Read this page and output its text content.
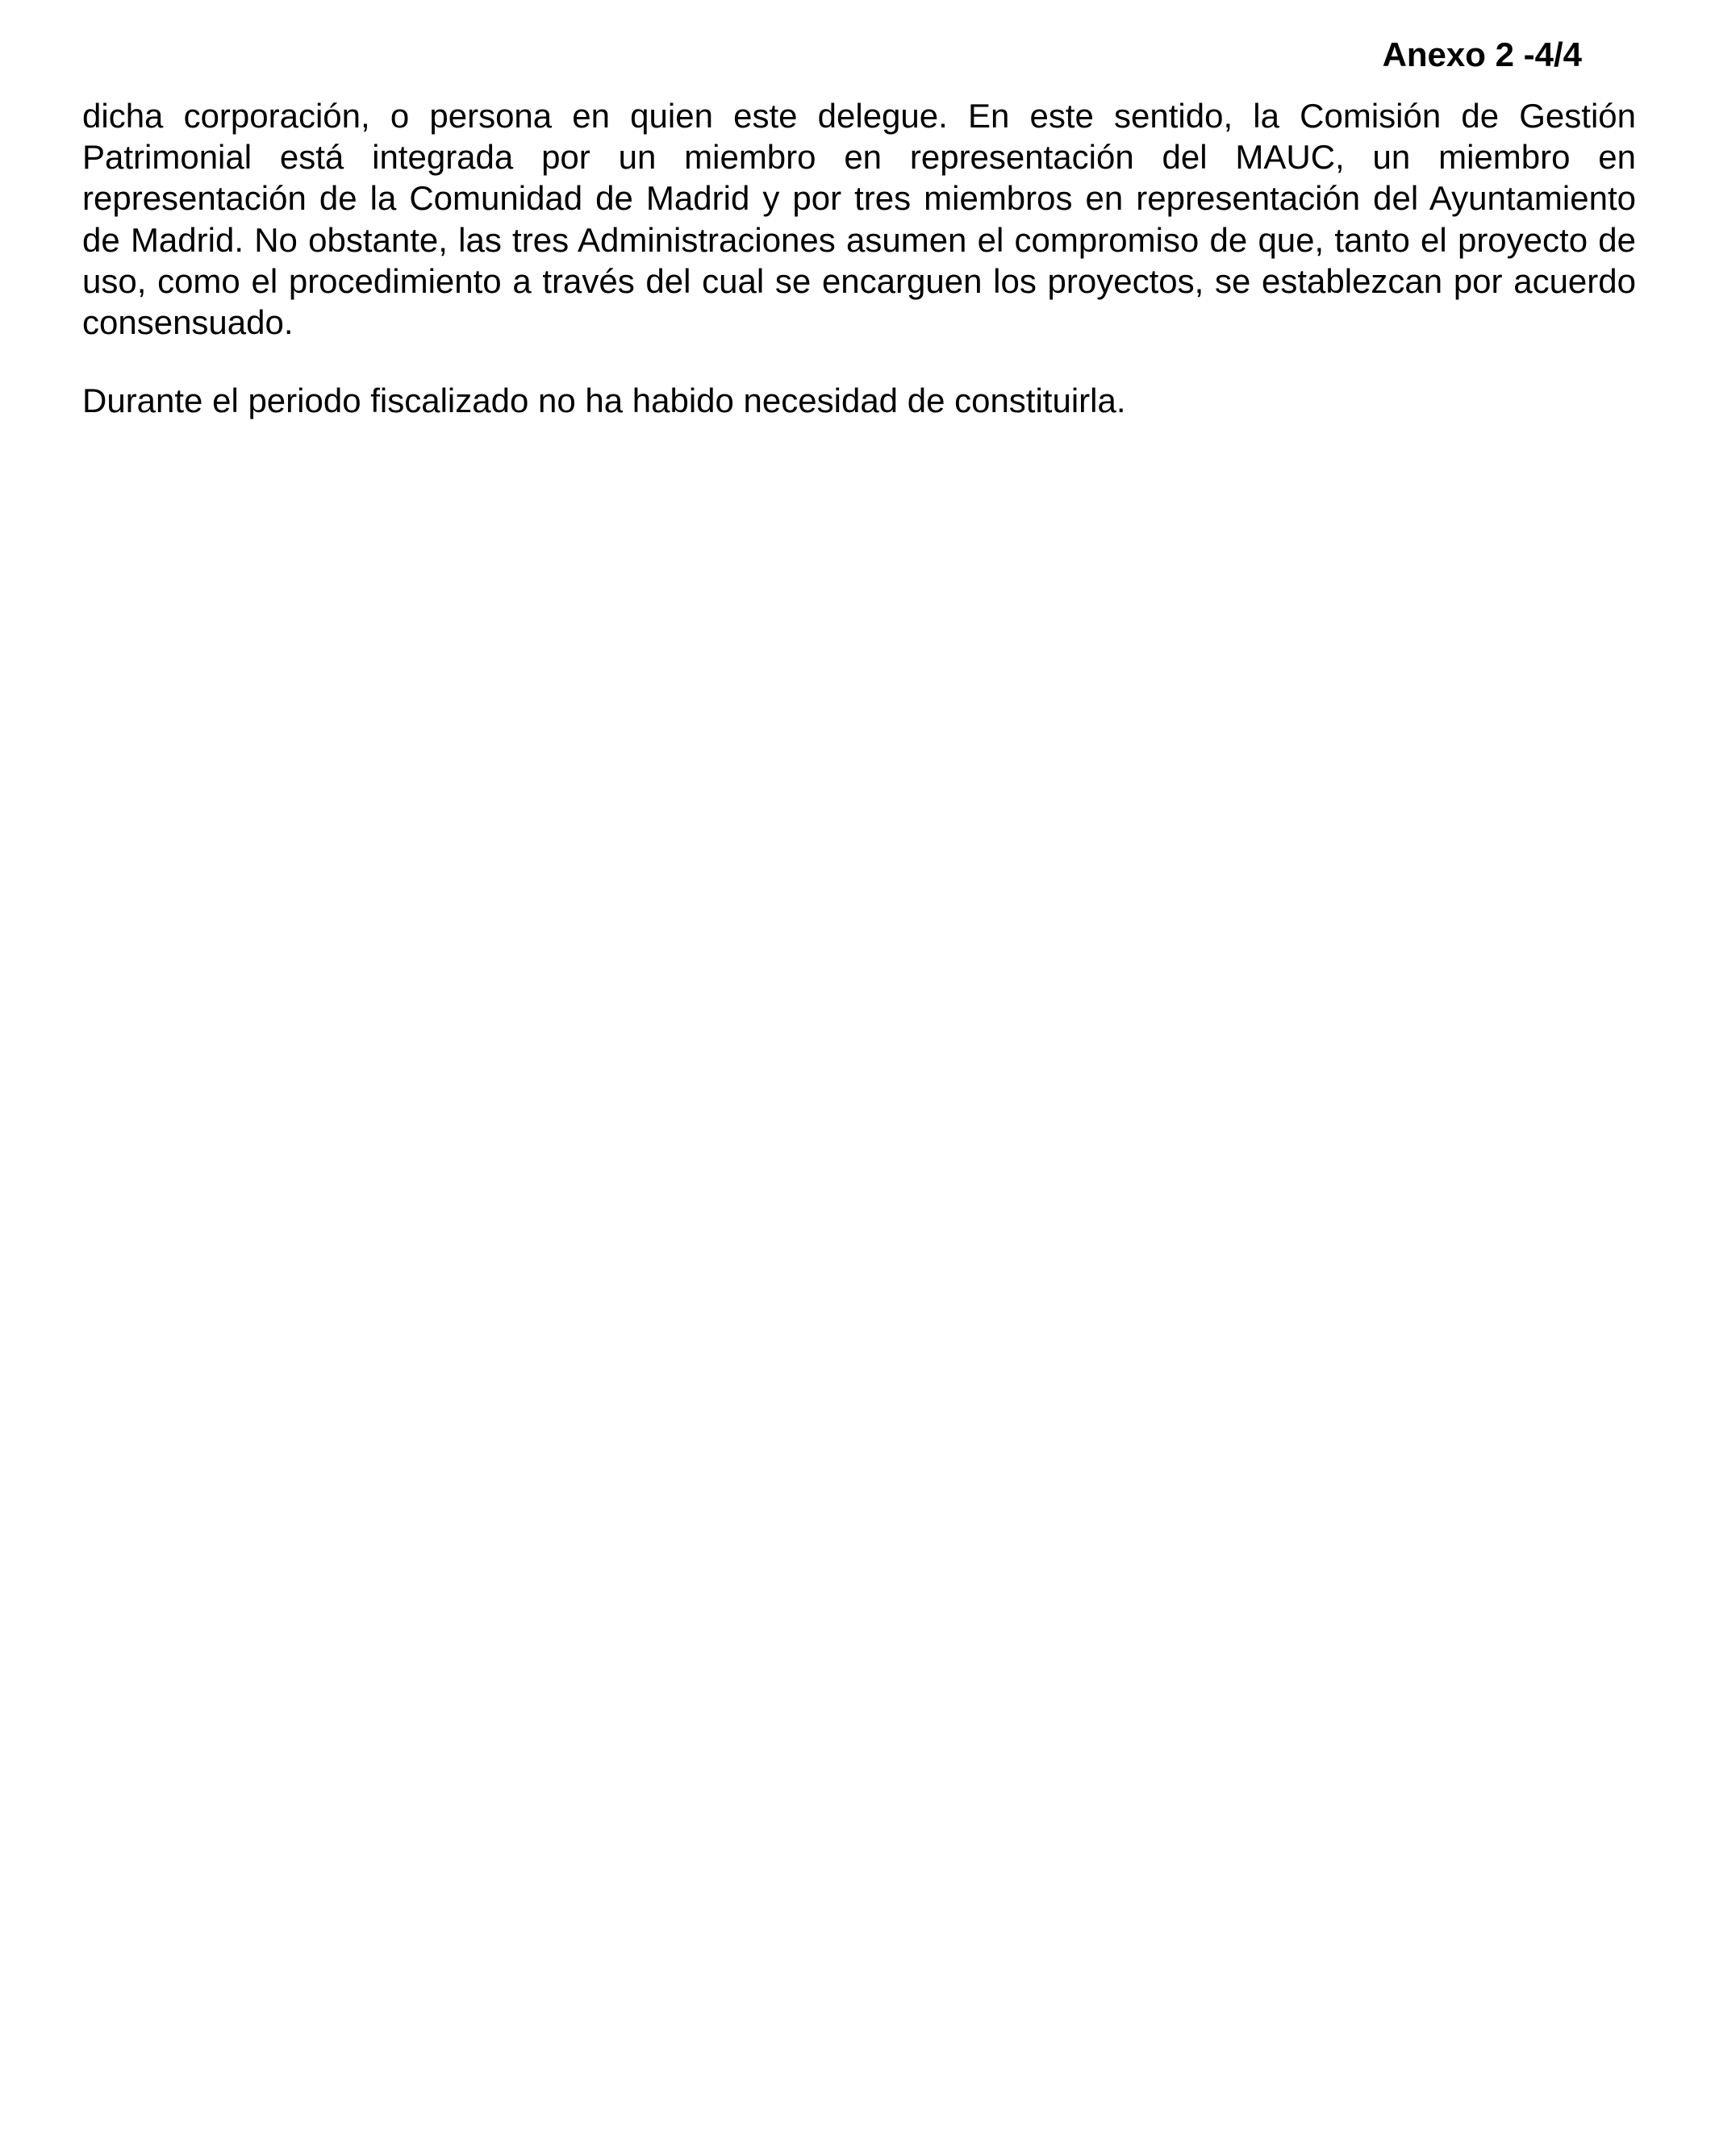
Anexo 2 -4/4

dicha corporación, o persona en quien este delegue. En este sentido, la Comisión de Gestión Patrimonial está integrada por un miembro en representación del MAUC, un miembro en representación de la Comunidad de Madrid y por tres miembros en representación del Ayuntamiento de Madrid. No obstante, las tres Administraciones asumen el compromiso de que, tanto el proyecto de uso, como el procedimiento a través del cual se encarguen los proyectos, se establezcan por acuerdo consensuado.

Durante el periodo fiscalizado no ha habido necesidad de constituirla.
